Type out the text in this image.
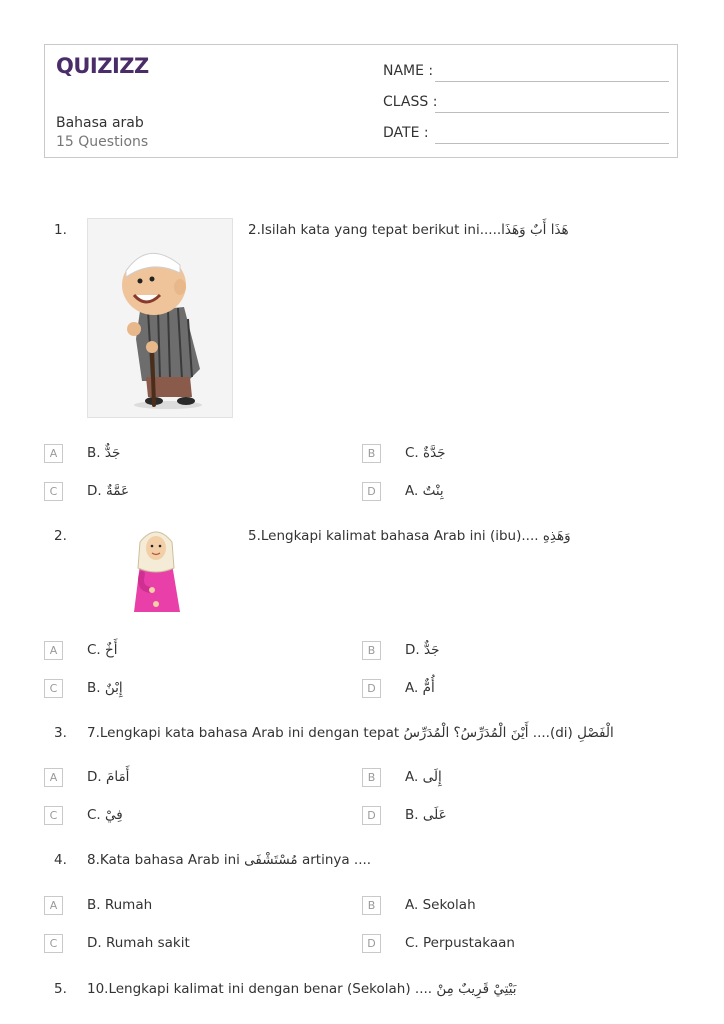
QUIZIZZ
Bahasa arab
15 Questions
NAME :
CLASS :
DATE :
1.	2.Isilah kata yang tepat berikut ini.....هَذَا أَبٌ وَهَذَا
A	B. جَدٌّ	B	C. جَدَّةٌ
C	D. عَمَّةٌ	D	A. بِنْتٌ
2.	5.Lengkapi kalimat bahasa Arab ini (ibu).... وَهَذِهِ
A	C. أَخٌ	B	D. جَدٌّ
C	B. إِبْنٌ	D	A. أُمٌّ
3. 7.Lengkapi kata bahasa Arab ini dengan tepat أَيْنَ الْمُدَرِّسُ؟ الْمُدَرِّسُ ....(di) الْفَصْلِ
A	D. أَمَامَ	B	A. إِلَى
C	C. فِيْ	D	B. عَلَى
4. 8.Kata bahasa Arab ini مُسْتَشْفَى artinya ....
A	B. Rumah	B	A. Sekolah
C	D. Rumah sakit	D	C. Perpustakaan
5. 10.Lengkapi kalimat ini dengan benar (Sekolah) .... بَيْتِيْ قَرِيبٌ مِنْ
